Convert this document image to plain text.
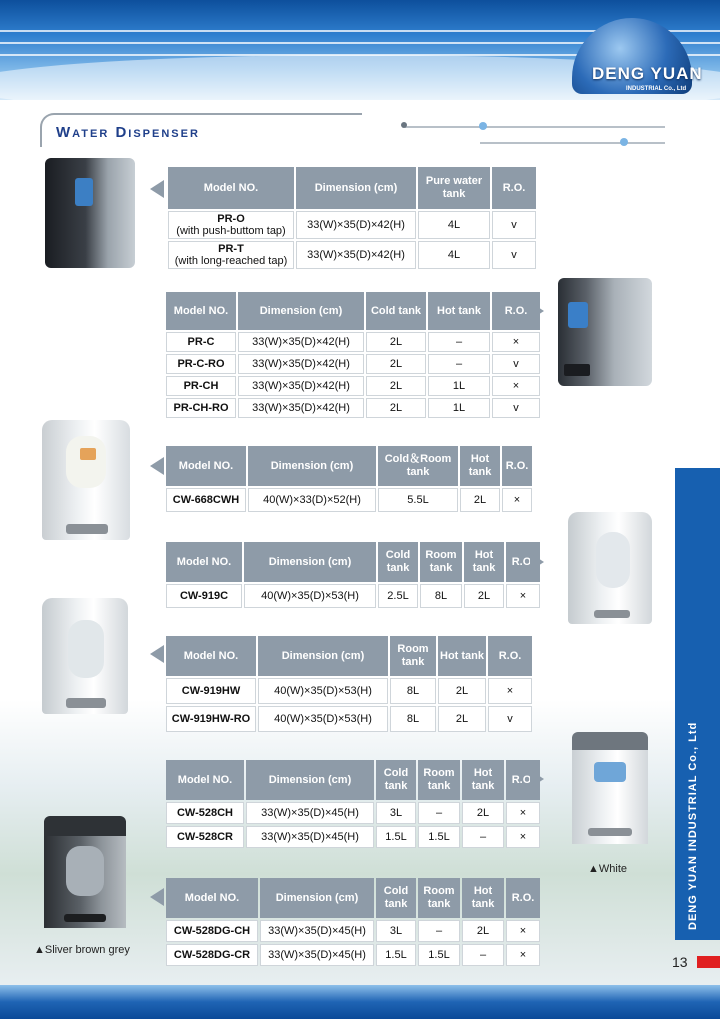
DENG YUAN
INDUSTRIAL Co., Ltd
Water Dispenser
Model NO.	Dimension (cm)	Pure water tank	R.O.

PR-O
(with push-buttom tap)	33(W)×35(D)×42(H)	4L	v

PR-T
(with long-reached tap)	33(W)×35(D)×42(H)	4L	v
Model NO.	Dimension (cm)	Cold tank	Hot tank	R.O.
PR-C	33(W)×35(D)×42(H)	2L	–	×
PR-C-RO	33(W)×35(D)×42(H)	2L	–	v
PR-CH	33(W)×35(D)×42(H)	2L	1L	×
PR-CH-RO	33(W)×35(D)×42(H)	2L	1L	v
Model NO.	Dimension (cm)	Cold＆Room tank	Hot tank	R.O.
CW-668CWH	40(W)×33(D)×52(H)	5.5L	2L	×
Model NO.	Dimension (cm)	Cold tank	Room tank	Hot tank	R.O.
CW-919C	40(W)×35(D)×53(H)	2.5L	8L	2L	×
Model NO.	Dimension (cm)	Room tank	Hot tank	R.O.
CW-919HW	40(W)×35(D)×53(H)	8L	2L	×
CW-919HW-RO	40(W)×35(D)×53(H)	8L	2L	v
Model NO.	Dimension (cm)	Cold tank	Room tank	Hot tank	R.O.
CW-528CH	33(W)×35(D)×45(H)	3L	–	2L	×
CW-528CR	33(W)×35(D)×45(H)	1.5L	1.5L	–	×
▲White
▲Sliver brown grey
Model NO.	Dimension (cm)	Cold tank	Room tank	Hot tank	R.O.
CW-528DG-CH	33(W)×35(D)×45(H)	3L	–	2L	×
CW-528DG-CR	33(W)×35(D)×45(H)	1.5L	1.5L	–	×
DENG YUAN INDUSTRIAL Co., Ltd
13
